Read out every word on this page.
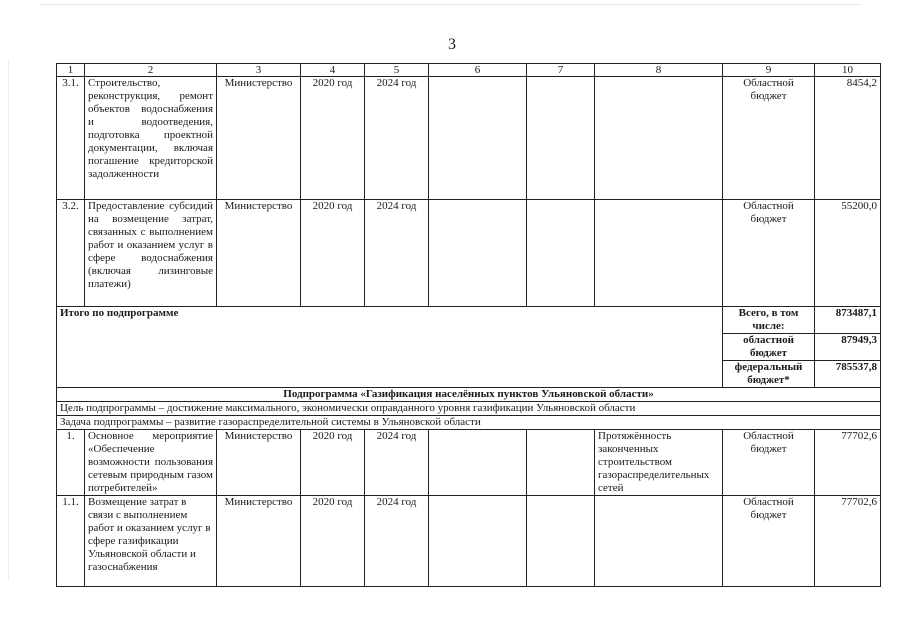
3
1	2	3	4	5	6	7	8	9	10
3.1.	Строительство, реконструкция, ремонт объектов водоснабжения и водоотведения, подготовка проектной документации, включая погашение кредиторской задолженности	Министерство	2020 год	2024 год				Областной бюджет	8454,2
3.2.	Предоставление субсидий на возмещение затрат, связанных с выполнением работ и оказанием услуг в сфере водоснабжения (включая лизинговые платежи)	Министерство	2020 год	2024 год				Областной бюджет	55200,0
Итого по подпрограмме								Всего, в том числе:	873487,1
								областной бюджет	87949,3
								федеральный бюджет*	785537,8
Подпрограмма «Газификация населённых пунктов Ульяновской области»									
Цель подпрограммы – достижение максимального, экономически оправданного уровня газификации Ульяновской области									
Задача подпрограммы – развитие газораспределительной системы в Ульяновской области									
1.	Основное мероприятие «Обеспечение возможности пользования сетевым природным газом потребителей»	Министерство	2020 год	2024 год			Протяжённость законченных строительством газораспределительных сетей	Областной бюджет	77702,6
1.1.	Возмещение затрат в связи с выполнением работ и оказанием услуг в сфере газификации Ульяновской области и газоснабжения	Министерство	2020 год	2024 год				Областной бюджет	77702,6
